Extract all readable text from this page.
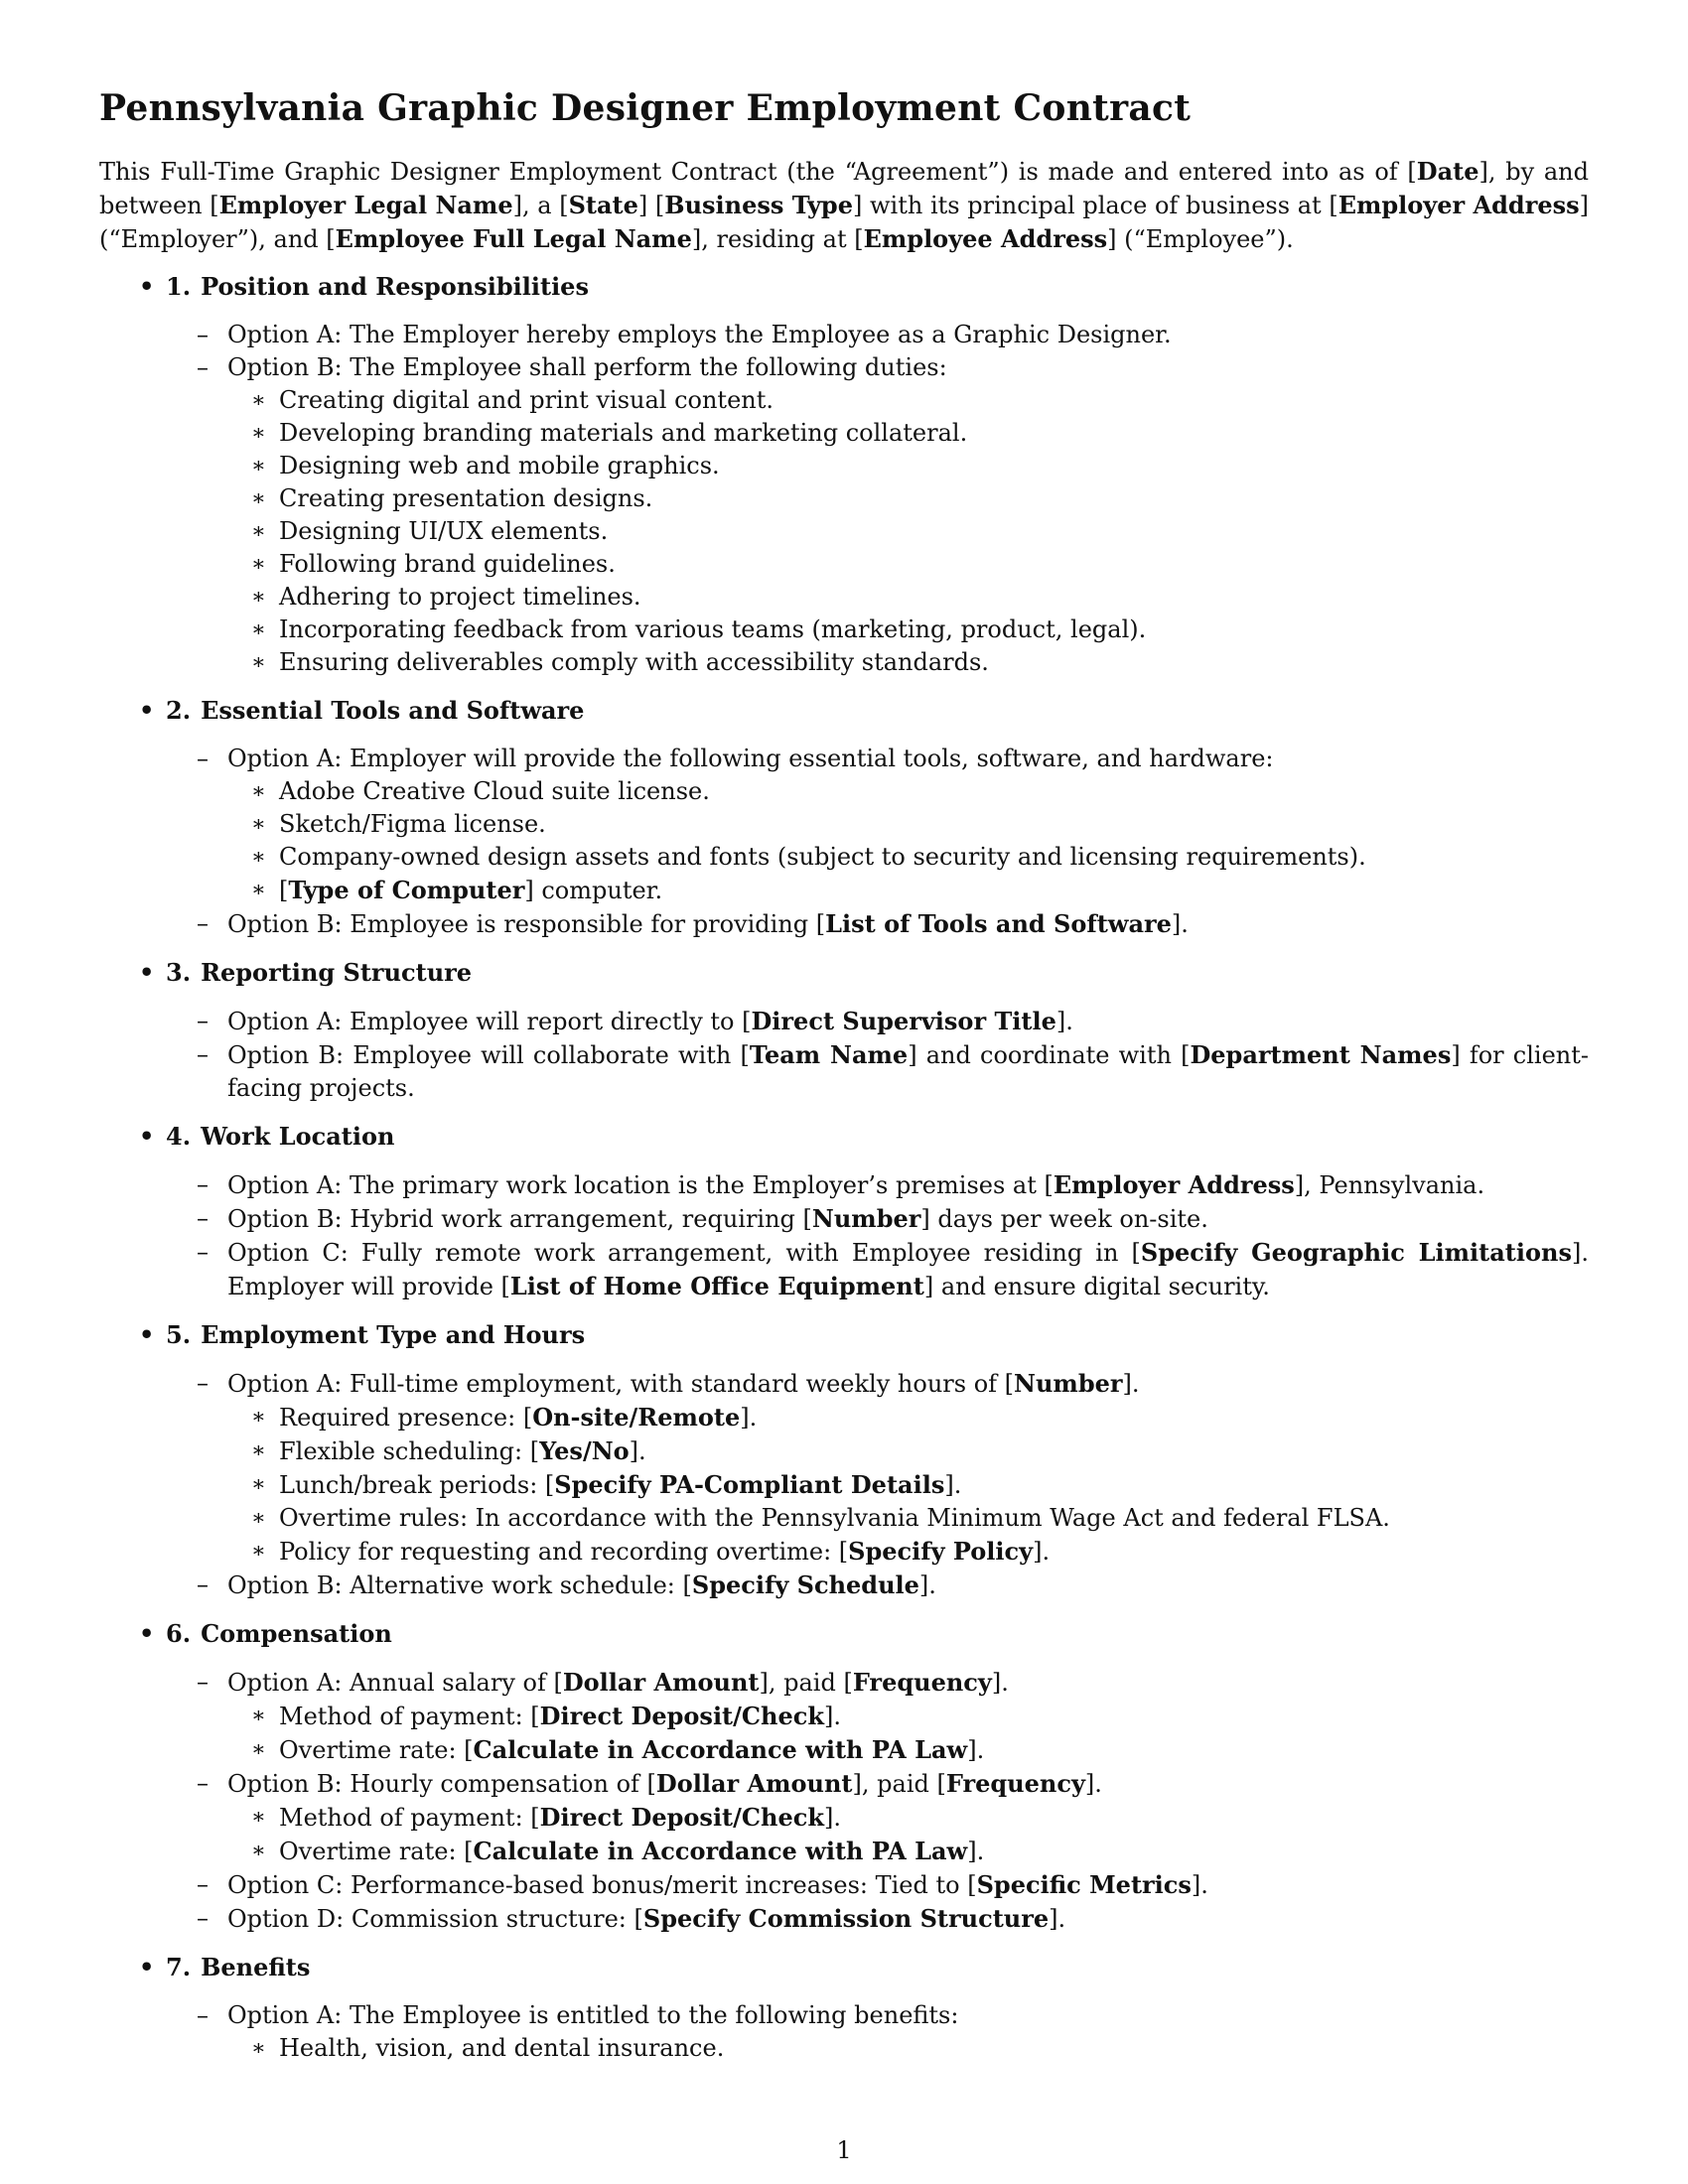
Pennsylvania Graphic Designer Employment Contract

This Full-Time Graphic Designer Employment Contract (the “Agreement”) is made and entered into as of [Date], by and between [Employer Legal Name], a [State] [Business Type] with its principal place of business at [Employer Address] (“Employer”), and [Employee Full Legal Name], residing at [Employee Address] (“Employee”).

• 1. Position and Responsibilities
– Option A: The Employer hereby employs the Employee as a Graphic Designer.
– Option B: The Employee shall perform the following duties:
∗ Creating digital and print visual content.
∗ Developing branding materials and marketing collateral.
∗ Designing web and mobile graphics.
∗ Creating presentation designs.
∗ Designing UI/UX elements.
∗ Following brand guidelines.
∗ Adhering to project timelines.
∗ Incorporating feedback from various teams (marketing, product, legal).
∗ Ensuring deliverables comply with accessibility standards.
• 2. Essential Tools and Software
– Option A: Employer will provide the following essential tools, software, and hardware:
∗ Adobe Creative Cloud suite license.
∗ Sketch/Figma license.
∗ Company-owned design assets and fonts (subject to security and licensing requirements).
∗ [Type of Computer] computer.
– Option B: Employee is responsible for providing [List of Tools and Software].
• 3. Reporting Structure
– Option A: Employee will report directly to [Direct Supervisor Title].
– Option B: Employee will collaborate with [Team Name] and coordinate with [Department Names] for client-facing projects.
• 4. Work Location
– Option A: The primary work location is the Employer’s premises at [Employer Address], Pennsylvania.
– Option B: Hybrid work arrangement, requiring [Number] days per week on-site.
– Option C: Fully remote work arrangement, with Employee residing in [Specify Geographic Limitations]. Employer will provide [List of Home Office Equipment] and ensure digital security.
• 5. Employment Type and Hours
– Option A: Full-time employment, with standard weekly hours of [Number].
∗ Required presence: [On-site/Remote].
∗ Flexible scheduling: [Yes/No].
∗ Lunch/break periods: [Specify PA-Compliant Details].
∗ Overtime rules: In accordance with the Pennsylvania Minimum Wage Act and federal FLSA.
∗ Policy for requesting and recording overtime: [Specify Policy].
– Option B: Alternative work schedule: [Specify Schedule].
• 6. Compensation
– Option A: Annual salary of [Dollar Amount], paid [Frequency].
∗ Method of payment: [Direct Deposit/Check].
∗ Overtime rate: [Calculate in Accordance with PA Law].
– Option B: Hourly compensation of [Dollar Amount], paid [Frequency].
∗ Method of payment: [Direct Deposit/Check].
∗ Overtime rate: [Calculate in Accordance with PA Law].
– Option C: Performance-based bonus/merit increases: Tied to [Specific Metrics].
– Option D: Commission structure: [Specify Commission Structure].
• 7. Benefits
– Option A: The Employee is entitled to the following benefits:
∗ Health, vision, and dental insurance.
1
